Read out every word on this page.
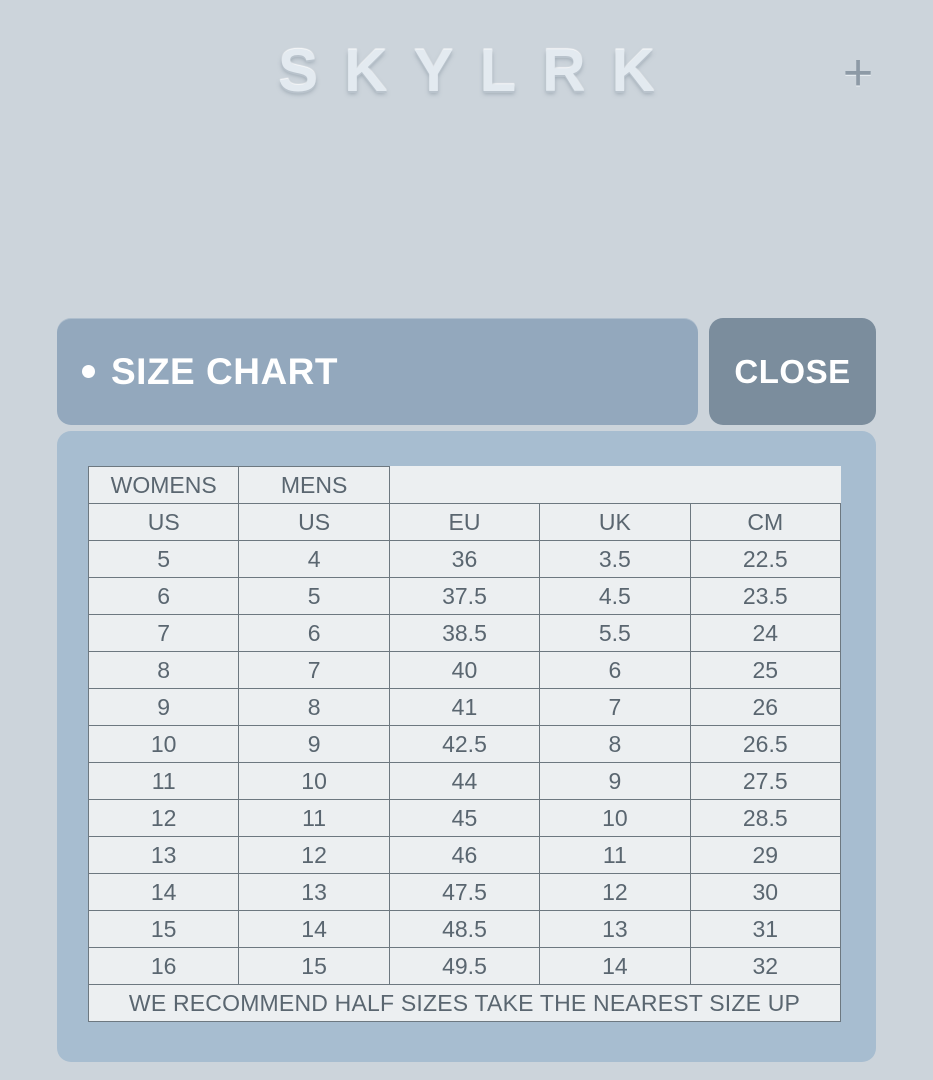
SKYLRK	+
SIZE CHART	CLOSE
WOMENS	MENS			
US	US	EU	UK	CM
5	4	36	3.5	22.5
6	5	37.5	4.5	23.5
7	6	38.5	5.5	24
8	7	40	6	25
9	8	41	7	26
10	9	42.5	8	26.5
11	10	44	9	27.5
12	11	45	10	28.5
13	12	46	11	29
14	13	47.5	12	30
15	14	48.5	13	31
16	15	49.5	14	32
WE RECOMMEND HALF SIZES TAKE THE NEAREST SIZE UP				
